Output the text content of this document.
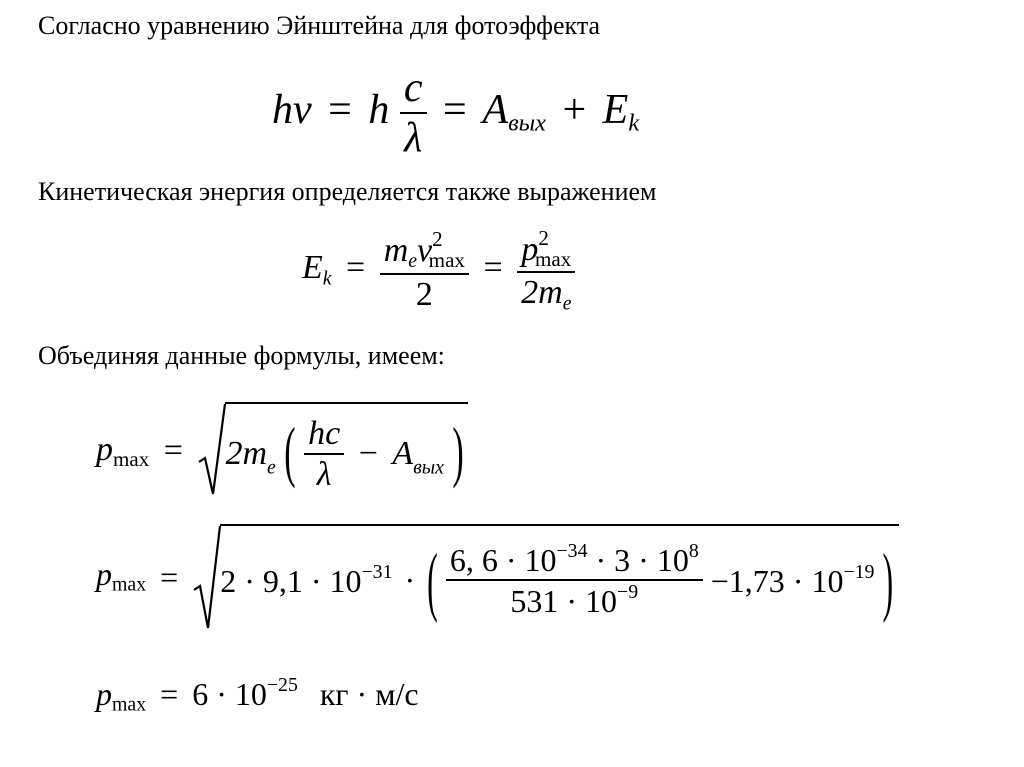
Согласно уравнению Эйнштейна для фотоэффекта
hν = h $\frac{c}{\lambda} = A_{вых} + E_k$
Кинетическая энергия определяется также выражением
$E_k = \frac{m_ev^2\max}{2} = \frac{p^2\max}{2m_e}$
Объединяя данные формулы, имеем:
$pmax = 2m_e$ ( $\frac{hc}{\lambda} - A_{вых}$ )
$pmax = 2 \cdot 9,1 \cdot 10^{-31}$ · ( $\frac{6, 6 \cdot 10^{-34} \cdot 3 \cdot 10^8}{531 \cdot 10^{-9}} -1,73 \cdot 10^{-19}$ )
$pmax = 6 \cdot 10^{-25}$ кг · м/с
